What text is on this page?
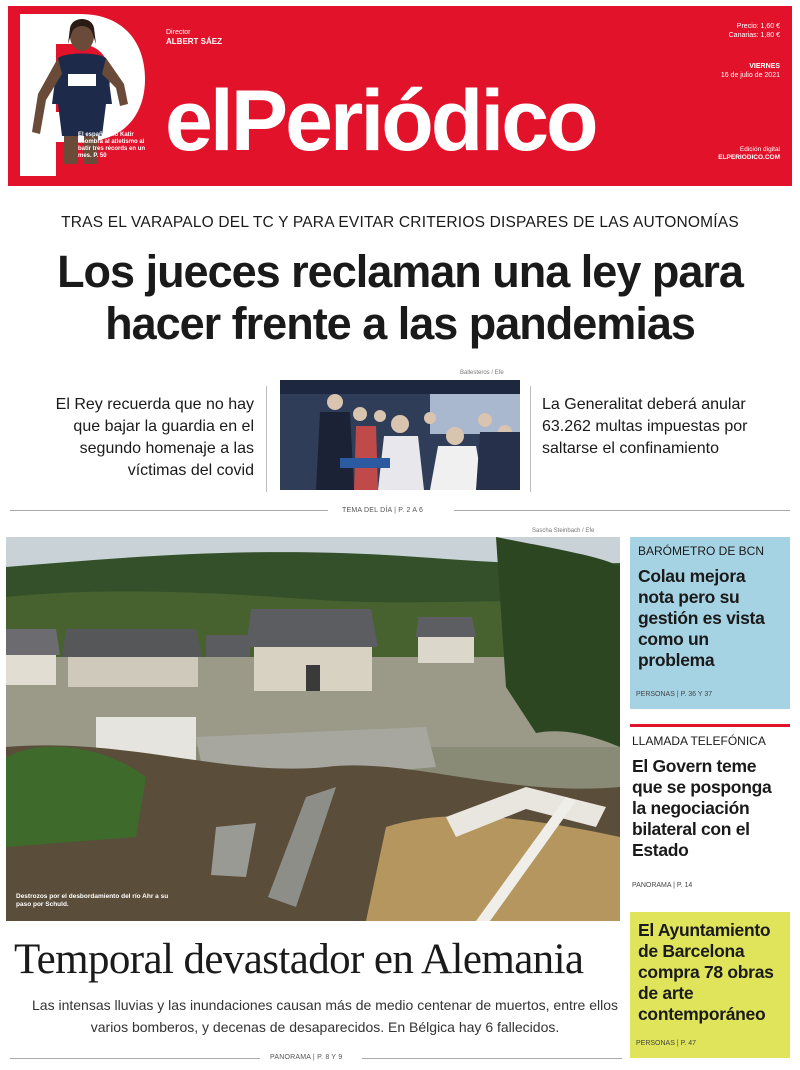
El español Mo Katir asombra al atletismo al batir tres récords en un mes. P. 50
Director
ALBERT SÁEZ
elPeriódico
Precio: 1,60 €
Canarias: 1,80 €
VIERNES
16 de julio de 2021
Edición digital
ELPERIODICO.COM
TRAS EL VARAPALO DEL TC Y PARA EVITAR CRITERIOS DISPARES DE LAS AUTONOMÍAS
Los jueces reclaman una ley para
hacer frente a las pandemias
El Rey recuerda que no hay que bajar la guardia en el segundo homenaje a las víctimas del covid
Ballesteros / Efe
La Generalitat deberá anular 63.262 multas impuestas por saltarse el confinamiento
TEMA DEL DÍA | P. 2 A 6
Sascha Steinbach / Efe
Destrozos por el desbordamiento del río Ahr a su paso por Schuld.
Temporal devastador en Alemania
Las intensas lluvias y las inundaciones causan más de medio centenar de muertos, entre ellos varios bomberos, y decenas de desaparecidos. En Bélgica hay 6 fallecidos.
PANORAMA | P. 8 Y 9
BARÓMETRO DE BCN
Colau mejora nota pero su gestión es vista como un problema
PERSONAS | P. 36 Y 37
LLAMADA TELEFÓNICA
El Govern teme que se posponga la negociación bilateral con el Estado
PANORAMA | P. 14
El Ayuntamiento de Barcelona compra 78 obras de arte contemporáneo
PERSONAS | P. 47
